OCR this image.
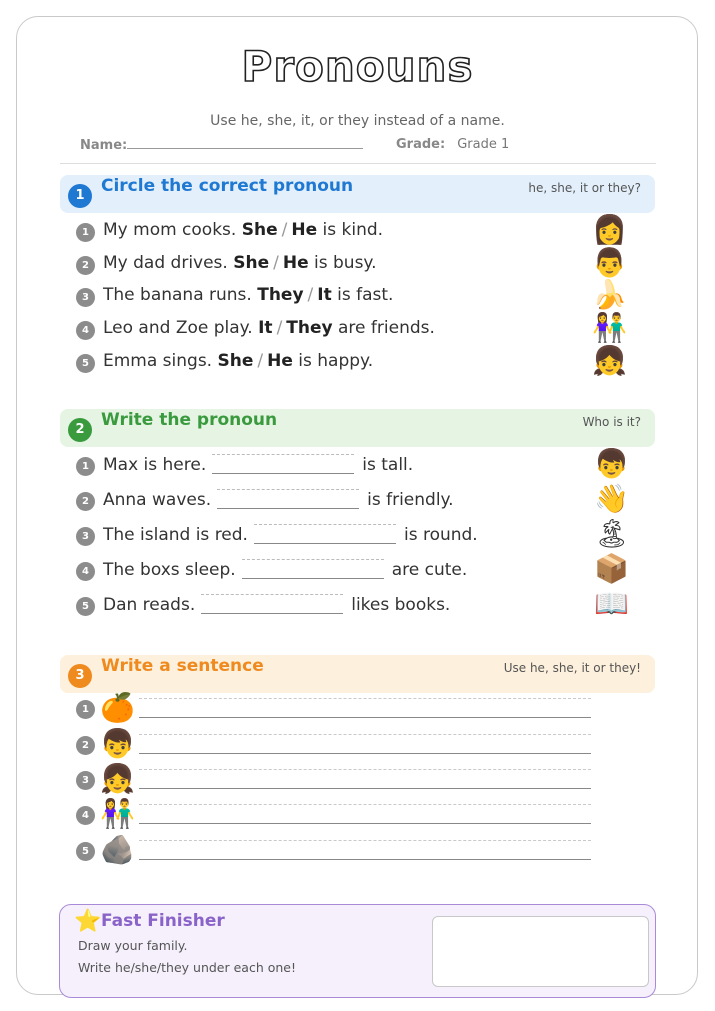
Pronouns
Use he, she, it, or they instead of a name.
Name:	Grade: Grade 1
1 Circle the correct pronoun	he, she, it or they?
1 My mom cooks. She / He is kind.	👩
2 My dad drives. She / He is busy.	👨
3 The banana runs. They / It is fast.	🍌
4 Leo and Zoe play. It / They are friends.	👫
5 Emma sings. She / He is happy.	👧
2 Write the pronoun	Who is it?
1 Max is here.	is tall.	👦
2 Anna waves.	is friendly.	👋
3 The island is red.	is round.	🏝
4 The boxs sleep.	are cute.	📦
5 Dan reads.	likes books.	📖
3 Write a sentence	Use he, she, it or they!
1 🍊
2 👦
3 👧
4 👫
5 🪨
⭐ Fast Finisher
Draw your family.
Write he/she/they under each one!
